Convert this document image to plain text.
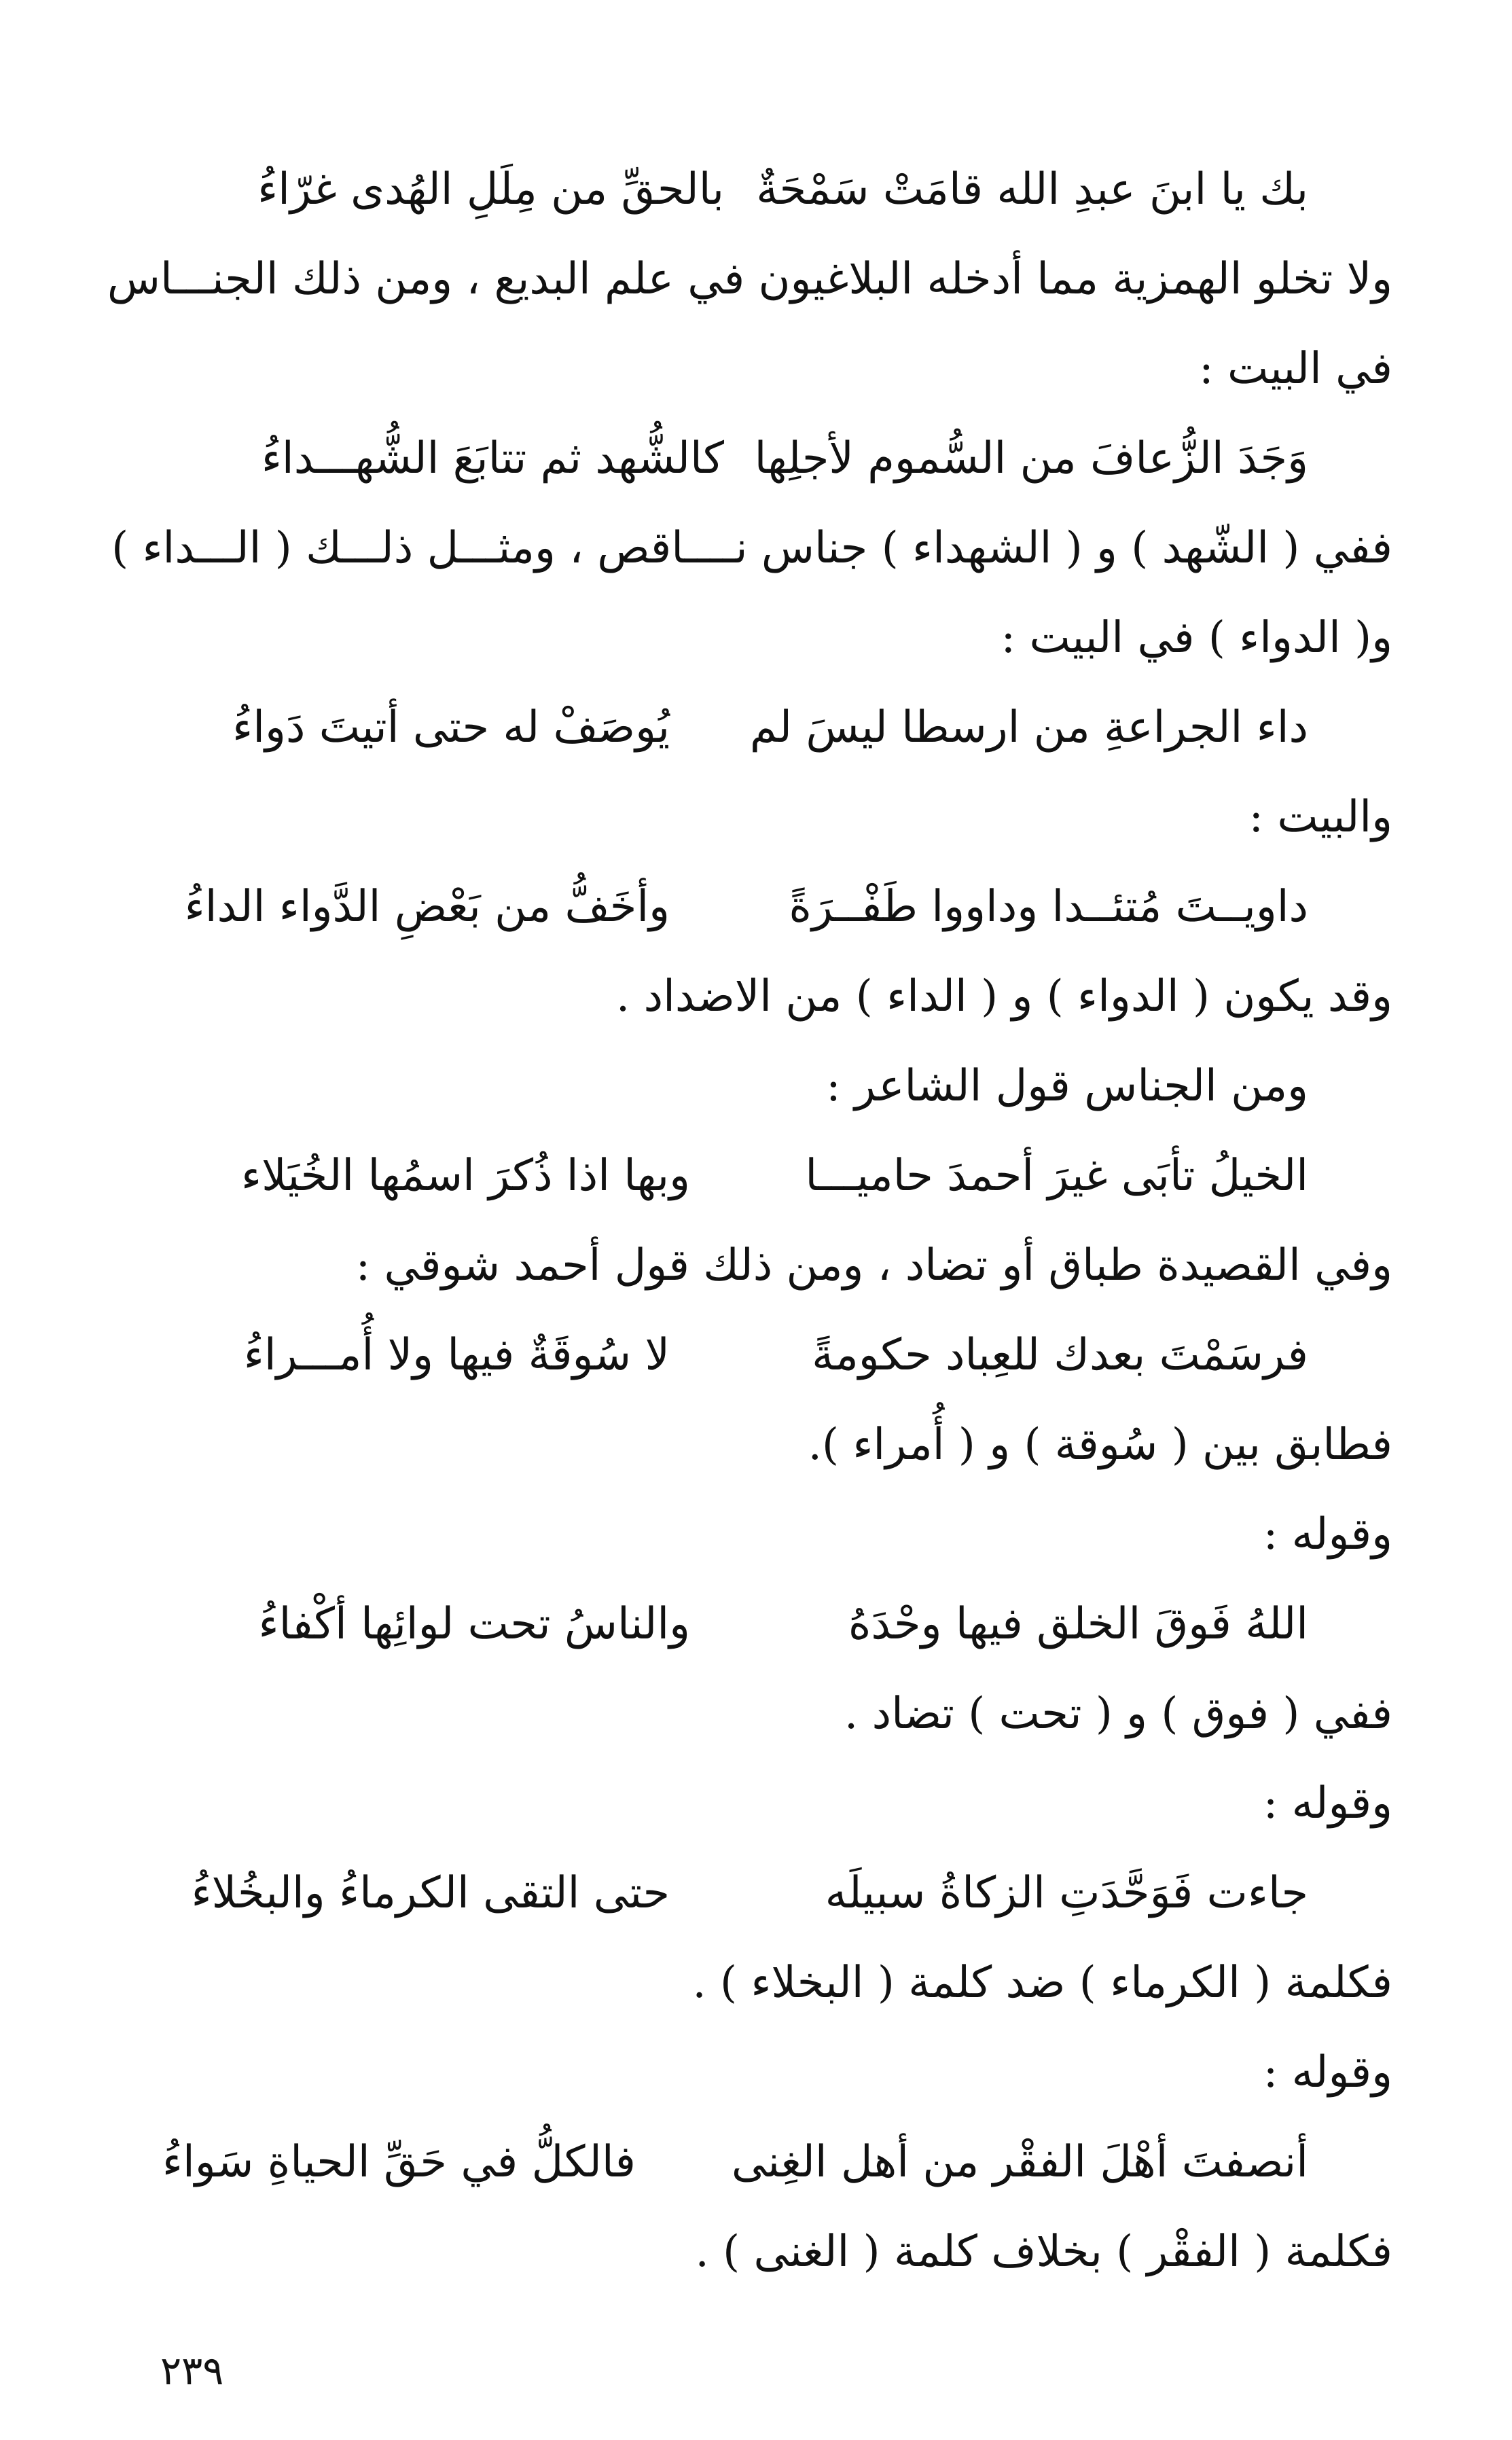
بك يا ابنَ عبدِ الله قامَتْ سَمْحَةٌ
بالحقِّ من مِلَلِ الهُدى غرّاءُ
ولا تخلو الهمزية مما أدخله البلاغيون في علم البديع ، ومن ذلك الجنـــاس
في البيت :
وَجَدَ الزُّعافَ من السُّموم لأجلِها
كالشُّهد ثم تتابَعَ الشُّهـــداءُ
ففي ( الشّهد ) و ( الشهداء ) جناس نــــاقص ، ومثـــل ذلـــك ( الـــداء )
و( الدواء ) في البيت :
داء الجراعةِ من ارسطا ليسَ لم
يُوصَفْ له حتى أتيتَ دَواءُ
والبيت :
داويــتَ مُتئــدا وداووا طَفْــرَةً
وأخَفُّ من بَعْضِ الدَّواء الداءُ
وقد يكون ( الدواء ) و ( الداء ) من الاضداد .
ومن الجناس قول الشاعر :
الخيلُ تأبَى غيرَ أحمدَ حاميـــا
وبها اذا ذُكرَ اسمُها الخُيَلاء
وفي القصيدة طباق أو تضاد ، ومن ذلك قول أحمد شوقي :
فرسَمْتَ بعدك للعِباد حكومةً
لا سُوقَةٌ فيها ولا أُمـــراءُ
فطابق بين ( سُوقة ) و ( أُمراء ).
وقوله :
اللهُ فَوقَ الخلق فيها وحْدَهُ
والناسُ تحت لوائِها أكْفاءُ
ففي ( فوق ) و ( تحت ) تضاد .
وقوله :
جاءت فَوَحَّدَتِ الزكاةُ سبيلَه
حتى التقى الكرماءُ والبخُلاءُ
فكلمة ( الكرماء ) ضد كلمة ( البخلاء ) .
وقوله :
أنصفتَ أهْلَ الفقْر من أهل الغِنى
فالكلُّ في حَقِّ الحياةِ سَواءُ
فكلمة ( الفقْر ) بخلاف كلمة ( الغنى ) .
٢٣٩
